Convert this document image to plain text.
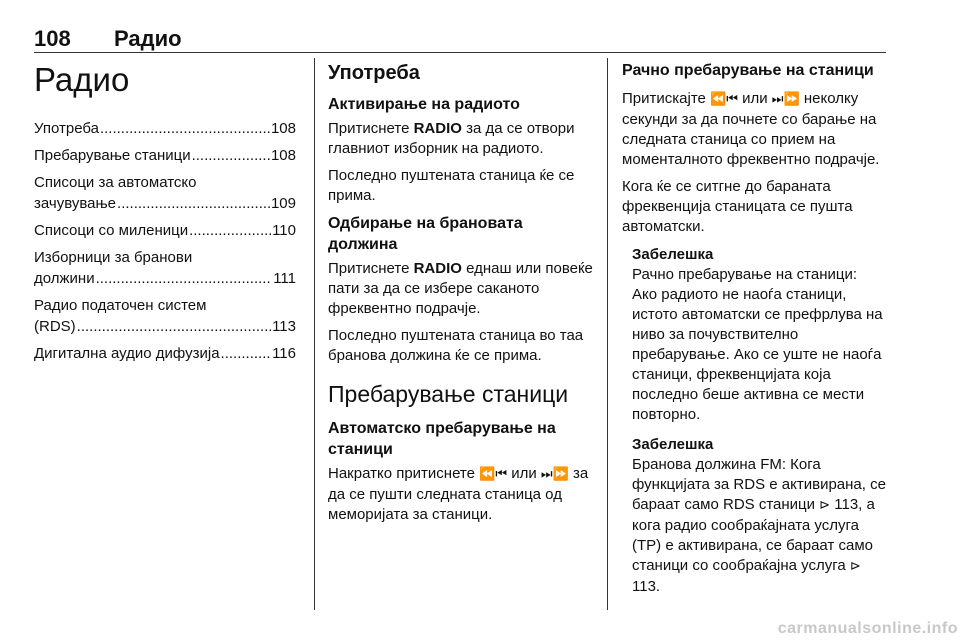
108 Радио
Радио
Употреба .....	108
Пребарување станици .....	108
Списоци за автоматско
зачувување .....	109
Списоци со миленици .....	110
Изборници за бранови
должини .....	111
Радио податочен систем
(RDS) .....	113
Дигитална аудио дифузија .....	116
Употреба
Активирање на радиото

Притиснете RADIO за да се отвори главниот изборник на радиото.

Последно пуштената станица ќе се прима.

Одбирање на брановата должина

Притиснете RADIO еднаш или повеќе пати за да се избере саканото фреквентно подрачје.

Последно пуштената станица во таа бранова должина ќе се прима.

Пребарување станици
Автоматско пребарување на станици

Накратко притиснете ⏪⏮ или ⏭⏩ за да се пушти следната станица од меморијата за станици.

Рачно пребарување на станици

Притискајте ⏪⏮ или ⏭⏩ неколку секунди за да почнете со барање на следната станица со прием на моменталното фреквентно подрачје.

Кога ќе се ситгне до бараната фреквенција станицата се пушта автоматски.

Забелешка

Рачно пребарување на станици: Ако радиото не наоѓа станици, истото автоматски се префрлува на ниво за почувствително пребарување. Ако се уште не наоѓа станици, фреквенцијата која последно беше активна се мести повторно.

Забелешка

Бранова должина FM: Кога функцијата за RDS е активирана, се бараат само RDS станици ⊳ 113, а кога радио сообраќајната услуга (TP) е активирана, се бараат само станици со сообраќајна услуга ⊳ 113.

carmanualsonline.info
